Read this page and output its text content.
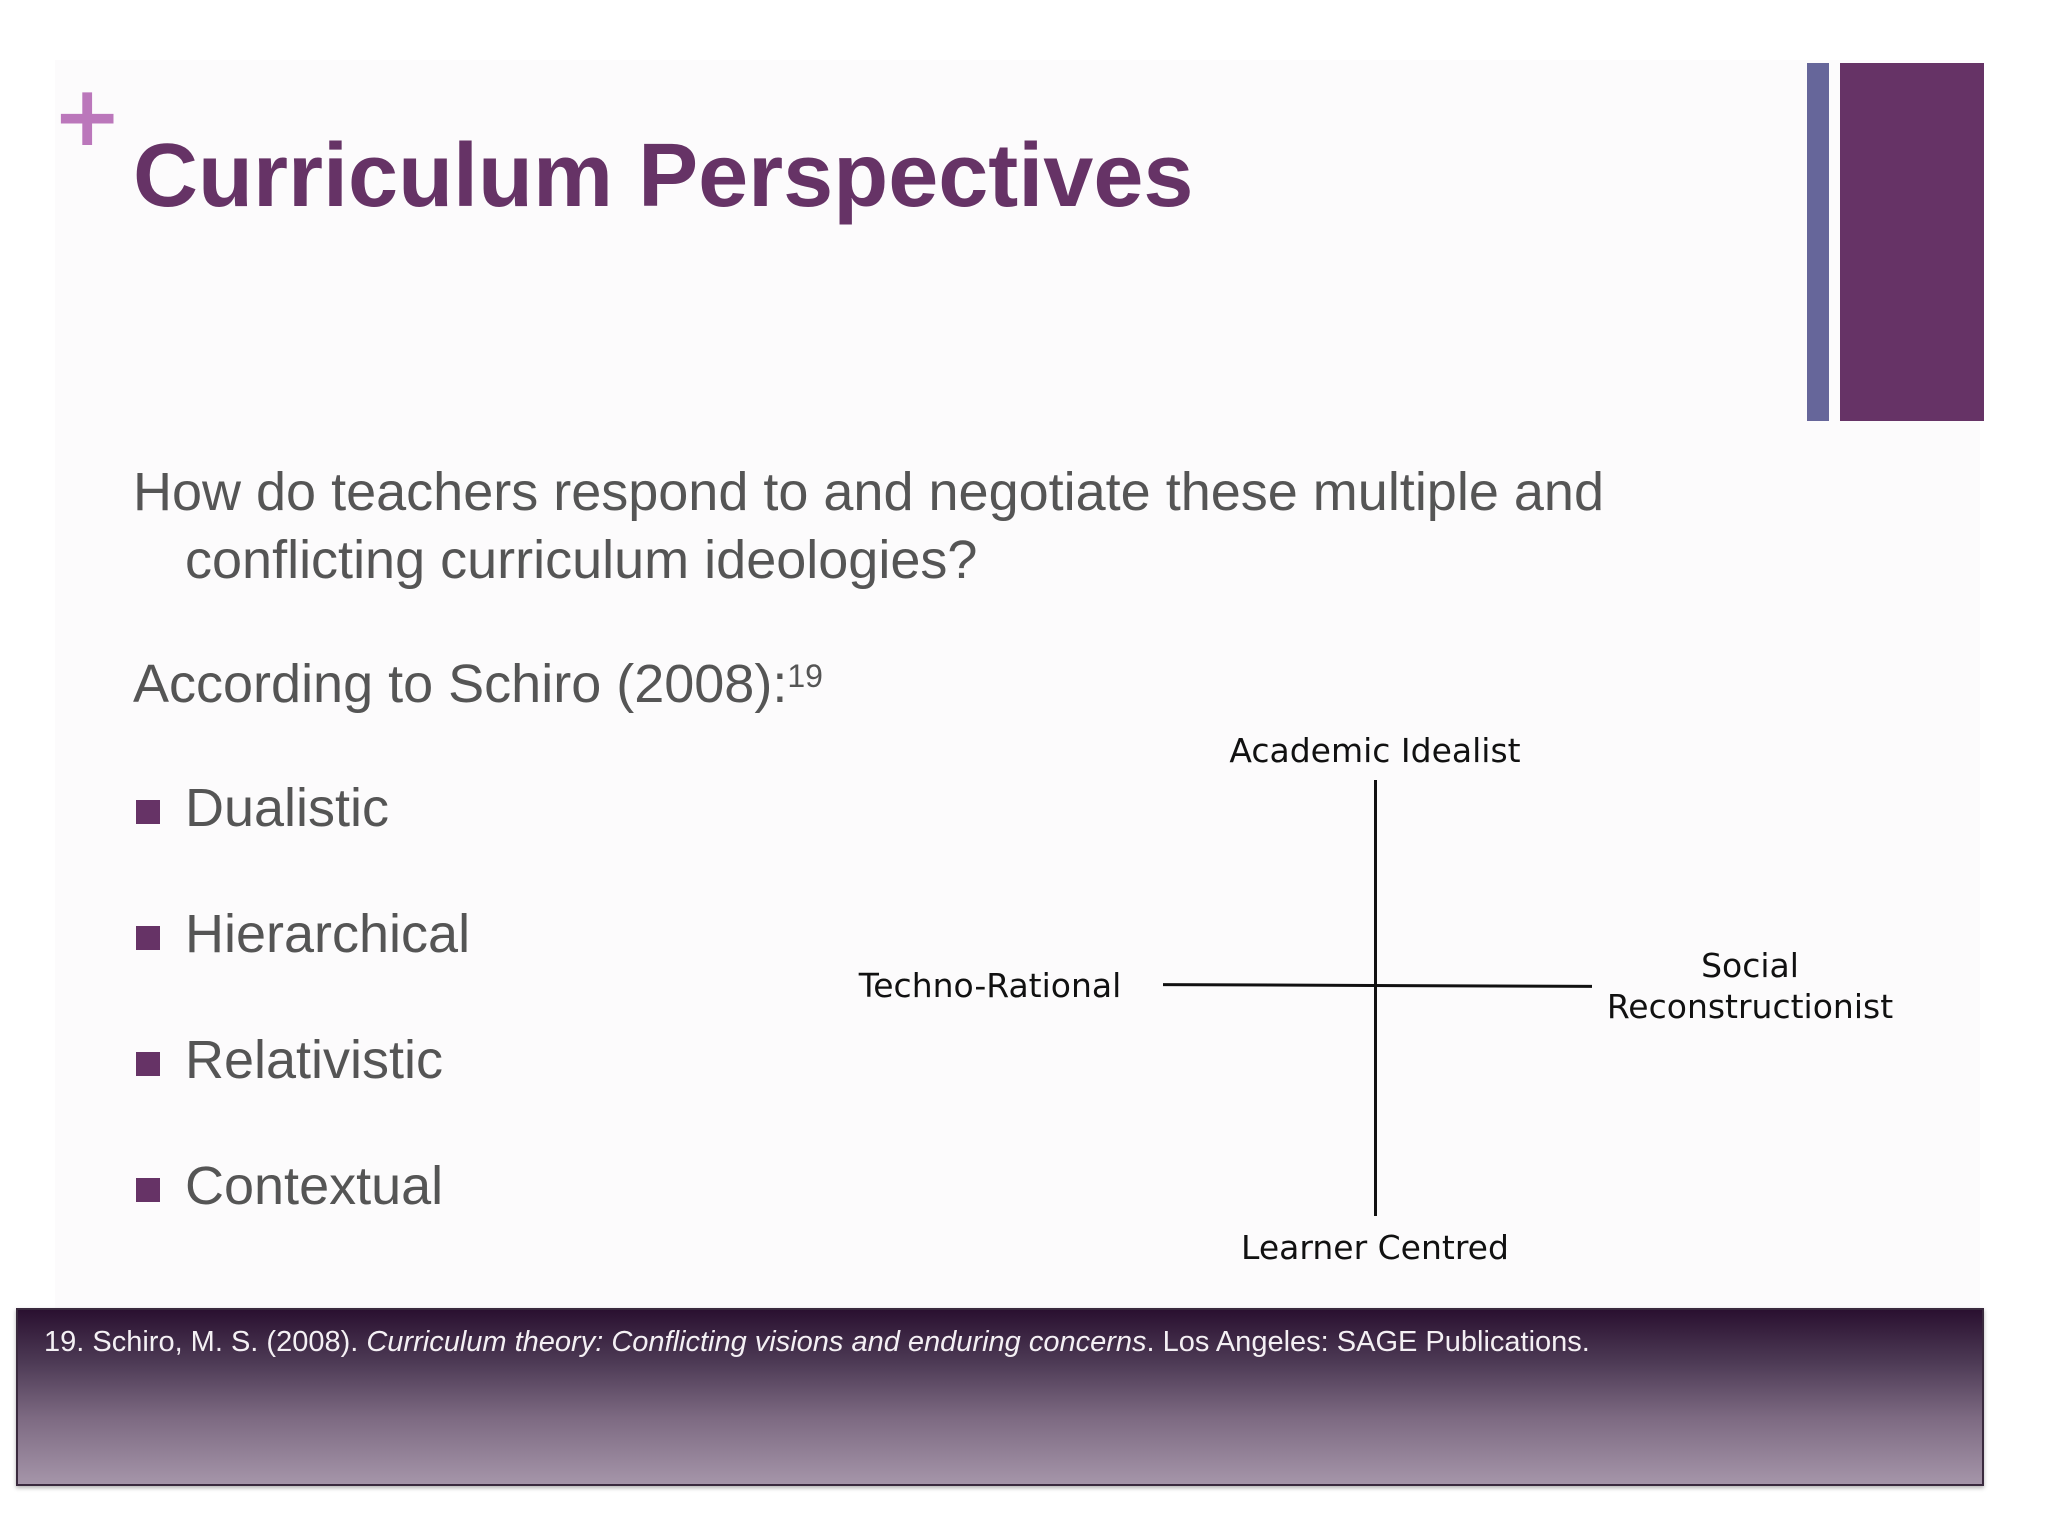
+
Curriculum Perspectives
How do teachers respond to and negotiate these multiple and
conflicting curriculum ideologies?
According to Schiro (2008):$^{19}$
Dualistic
Hierarchical
Relativistic
Contextual
Academic Idealist
Learner Centred
Techno-Rational
Social
Reconstructionist
19. Schiro, M. S. (2008). Curriculum theory: Conflicting visions and enduring concerns. Los Angeles: SAGE Publications.
